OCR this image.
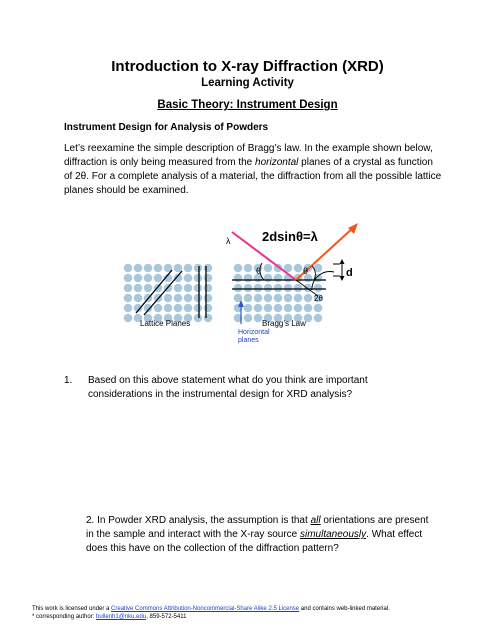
Introduction to X-ray Diffraction (XRD)
Learning Activity
Basic Theory: Instrument Design
Instrument Design for Analysis of Powders
Let’s reexamine the simple description of Bragg’s law. In the example shown below, diffraction is only being measured from the horizontal planes of a crystal as function of 2θ. For a complete analysis of a material, the diffraction from all the possible lattice planes should be examined.
λ 2dsinθ=λ
θ	θ
2θ
d
Lattice Planes	Bragg’s Law
Horizontal
planes
1. Based on this above statement what do you think are important considerations in the instrumental design for XRD analysis?
2. In Powder XRD analysis, the assumption is that all orientations are present in the sample and interact with the X-ray source simultaneously. What effect does this have on the collection of the diffraction pattern?
This work is licensed under a Creative Commons Attribution-Noncommercial-Share Alike 2.5 License and contains web-linked material.
* corresponding author: bullenh1@nku.edu, 859-572-5411
